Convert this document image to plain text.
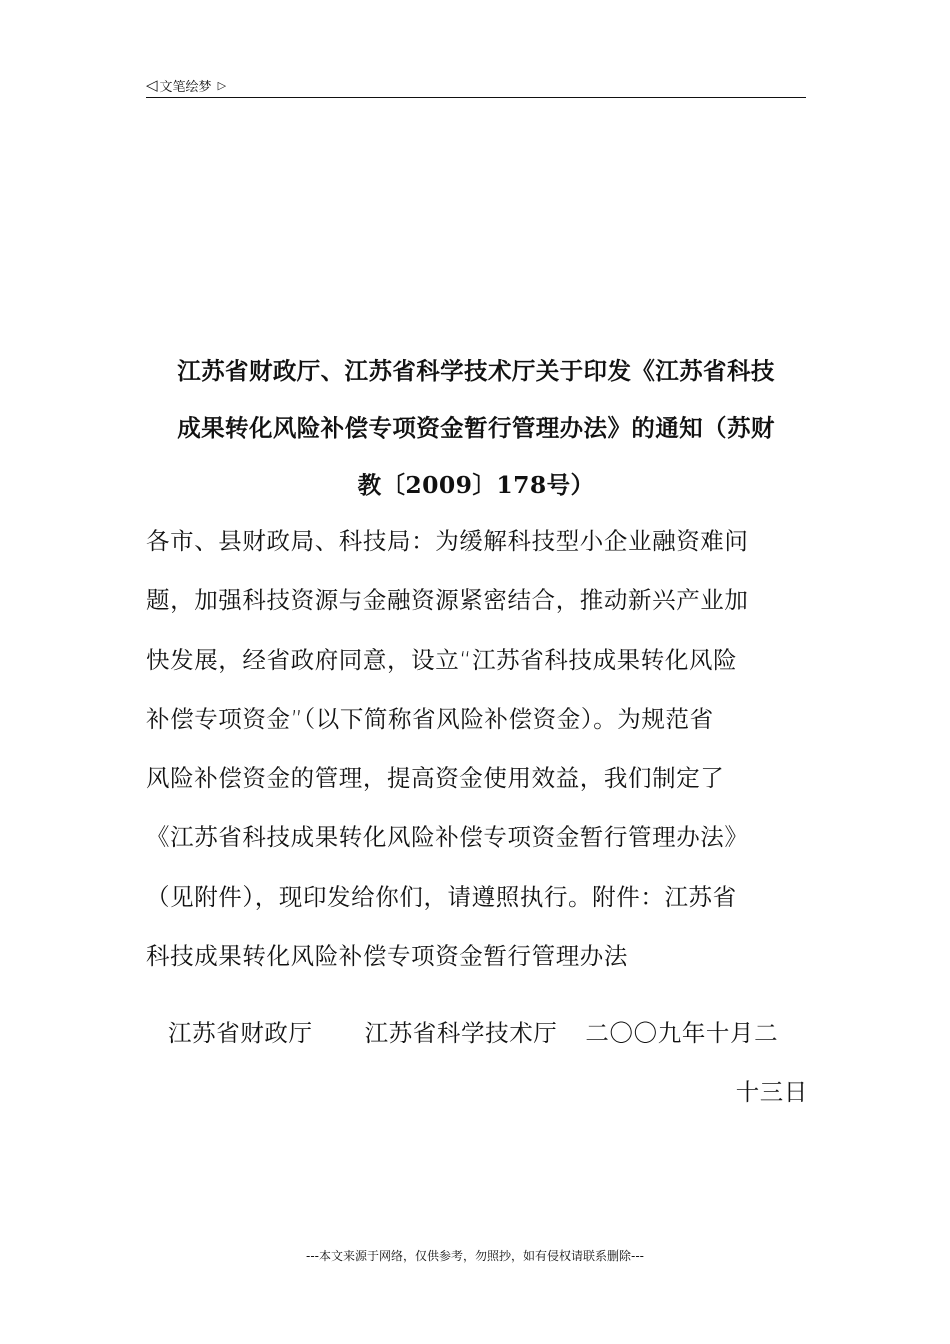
◁ 文笔绘梦 ▷
江苏省财政厅、江苏省科学技术厅关于印发《江苏省科技
成果转化风险补偿专项资金暂行管理办法》的通知（苏财
教〔2009〕178号）
各市、县财政局、科技局：为缓解科技型小企业融资难问
题，加强科技资源与金融资源紧密结合，推动新兴产业加
快发展，经省政府同意，设立“江苏省科技成果转化风险
补偿专项资金”（以下简称省风险补偿资金）。为规范省
风险补偿资金的管理，提高资金使用效益，我们制定了
《江苏省科技成果转化风险补偿专项资金暂行管理办法》
（见附件），现印发给你们，请遵照执行。附件：江苏省
科技成果转化风险补偿专项资金暂行管理办法
江苏省财政厅 江苏省科学技术厅 二〇〇九年十月二
十三日
---本文来源于网络，仅供参考，勿照抄，如有侵权请联系删除---
